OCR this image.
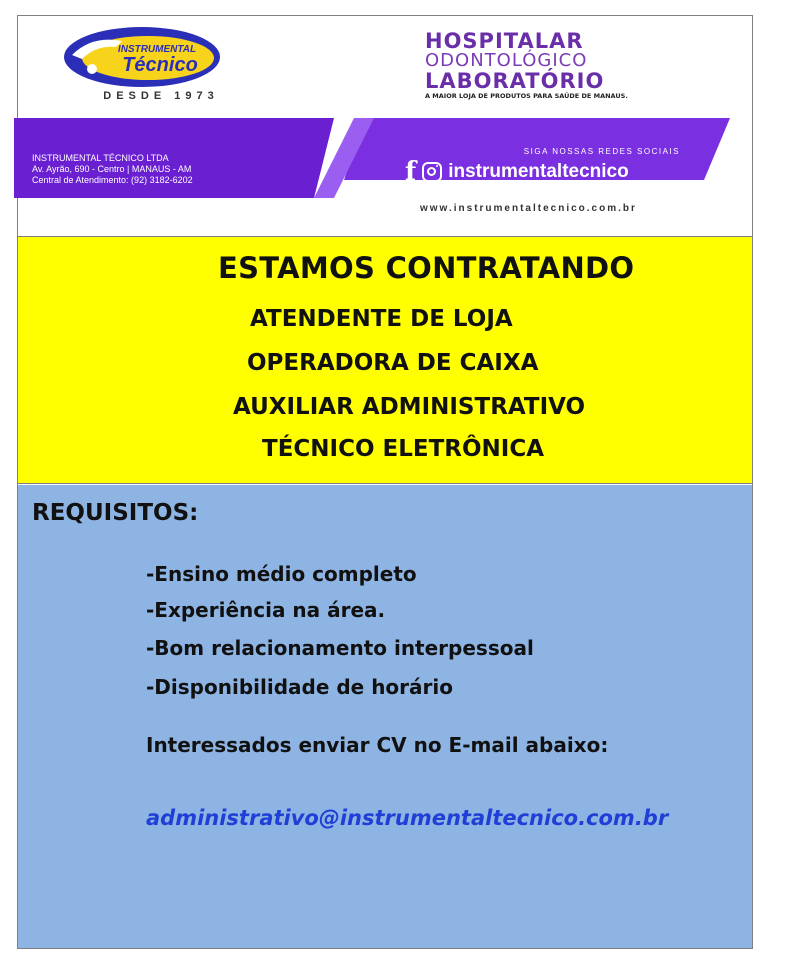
INSTRUMENTAL
Técnico
DESDE 1973
HOSPITALAR
ODONTOLÓGICO
LABORATÓRIO
A MAIOR LOJA DE PRODUTOS PARA SAÚDE DE MANAUS.
INSTRUMENTAL TÉCNICO LTDA
Av. Ayrão, 690 - Centro | MANAUS - AM
Central de Atendimento: (92) 3182-6202
SIGA NOSSAS REDES SOCIAIS
f instrumentaltecnico
www.instrumentaltecnico.com.br
ESTAMOS CONTRATANDO
ATENDENTE DE LOJA
OPERADORA DE CAIXA
AUXILIAR ADMINISTRATIVO
TÉCNICO ELETRÔNICA
REQUISITOS:
-Ensino médio completo
-Experiência na área.
-Bom relacionamento interpessoal
-Disponibilidade de horário
Interessados enviar CV no E-mail abaixo:
administrativo@instrumentaltecnico.com.br
